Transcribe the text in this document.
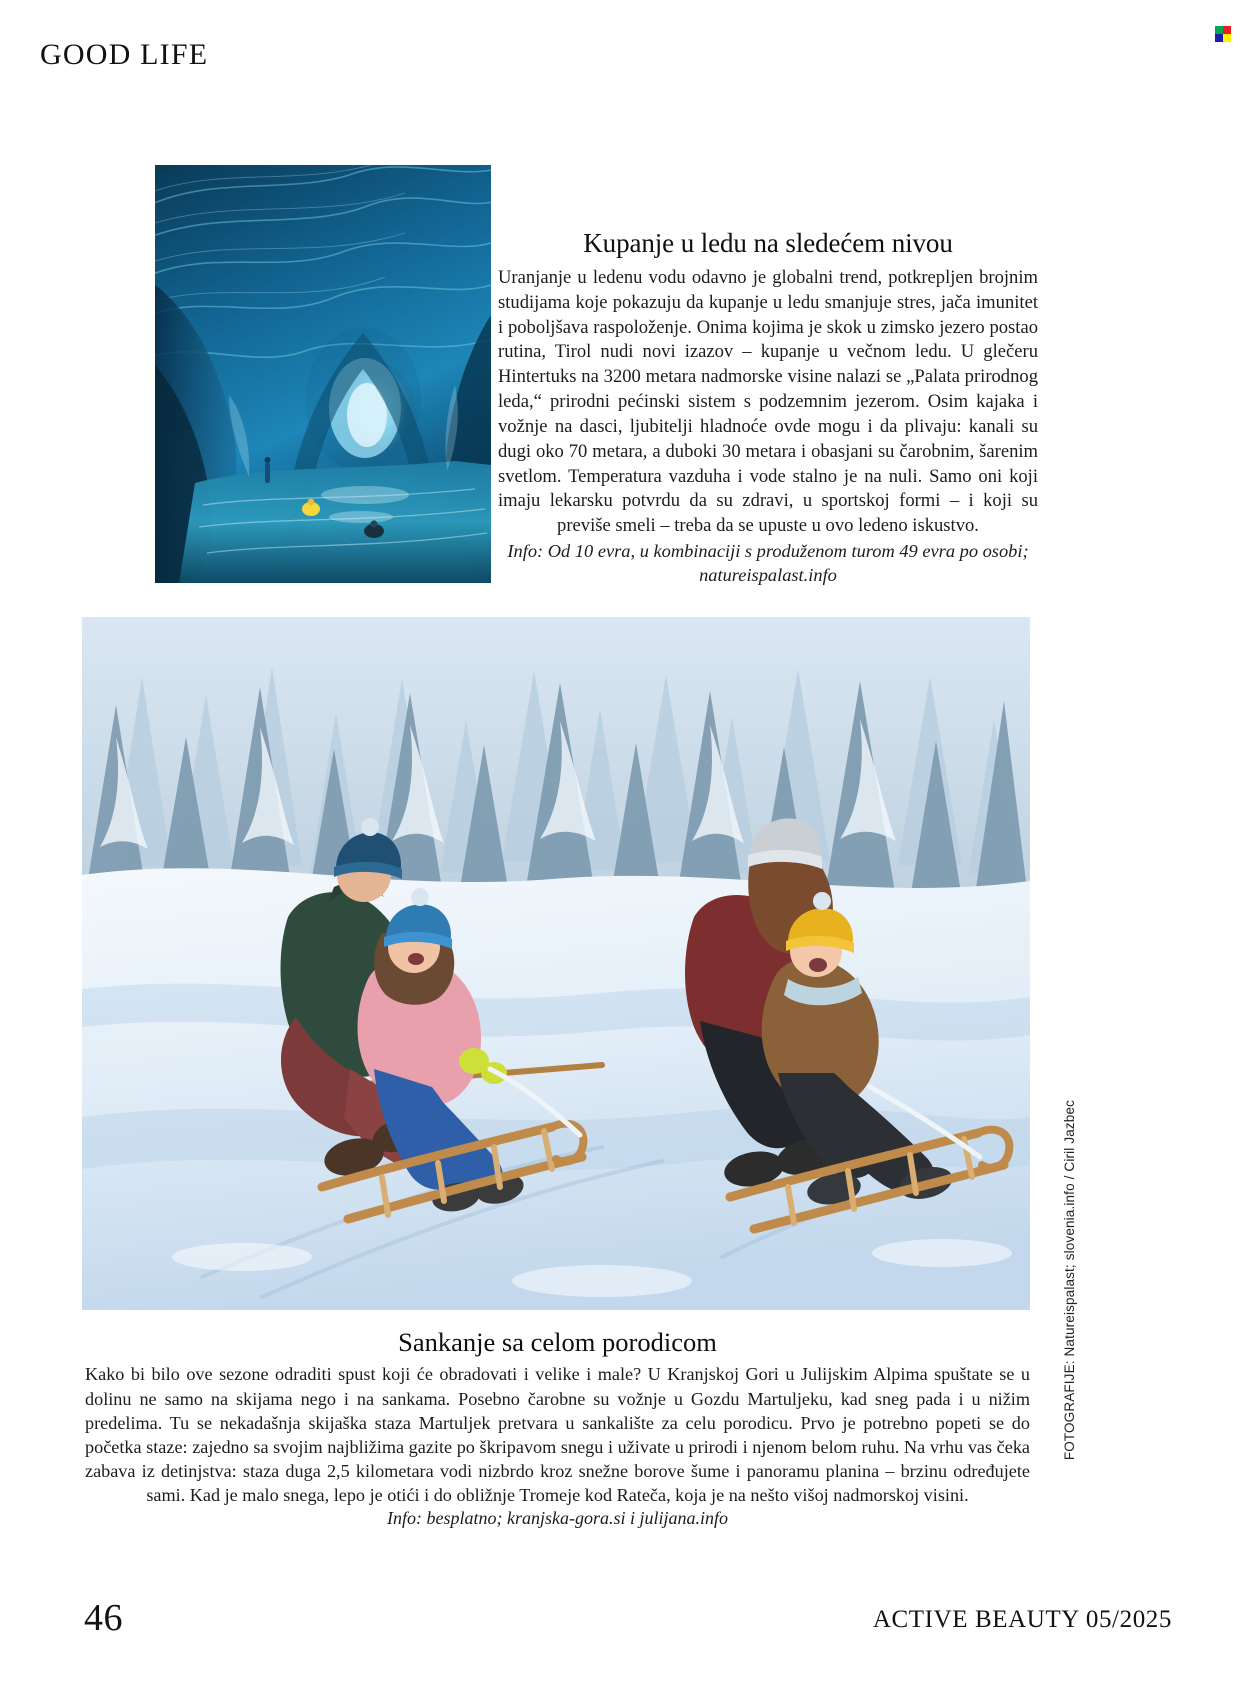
GOOD LIFE
Kupanje u ledu na sledećem nivou

Uranjanje u ledenu vodu odavno je globalni trend, potkrepljen brojnim studijama koje pokazuju da kupanje u ledu smanjuje stres, jača imunitet i poboljšava raspoloženje. Onima kojima je skok u zimsko jezero postao rutina, Tirol nudi novi izazov – kupanje u večnom ledu. U glečeru Hintertuks na 3200 metara nadmorske visine nalazi se „Palata prirodnog leda,“ prirodni pećinski sistem s podzemnim jezerom. Osim kajaka i vožnje na dasci, ljubitelji hladnoće ovde mogu i da plivaju: kanali su dugi oko 70 metara, a duboki 30 metara i obasjani su čarobnim, šarenim svetlom. Temperatura vazduha i vode stalno je na nuli. Samo oni koji imaju lekarsku potvrdu da su zdravi, u sportskoj formi – i koji su previše smeli – treba da se upuste u ovo ledeno iskustvo.

Info: Od 10 evra, u kombinaciji s produženom turom 49 evra po osobi; natureispalast.info

Sankanje sa celom porodicom

Kako bi bilo ove sezone odraditi spust koji će obradovati i velike i male? U Kranjskoj Gori u Julijskim Alpima spuštate se u dolinu ne samo na skijama nego i na sankama. Posebno čarobne su vožnje u Gozdu Martuljeku, kad sneg pada i u nižim predelima. Tu se nekadašnja skijaška staza Martuljek pretvara u sankalište za celu porodicu. Prvo je potrebno popeti se do početka staze: zajedno sa svojim najbližima gazite po škripavom snegu i uživate u prirodi i njenom belom ruhu. Na vrhu vas čeka zabava iz detinjstva: staza duga 2,5 kilometara vodi nizbrdo kroz snežne borove šume i panoramu planina – brzinu određujete sami. Kad je malo snega, lepo je otići i do obližnje Tromeje kod Rateča, koja je na nešto višoj nadmorskoj visini.

Info: besplatno; kranjska-gora.si i julijana.info

FOTOGRAFIJE: Natureispalast; slovenia.info / Ciril Jazbec
46	ACTIVE BEAUTY 05/2025
